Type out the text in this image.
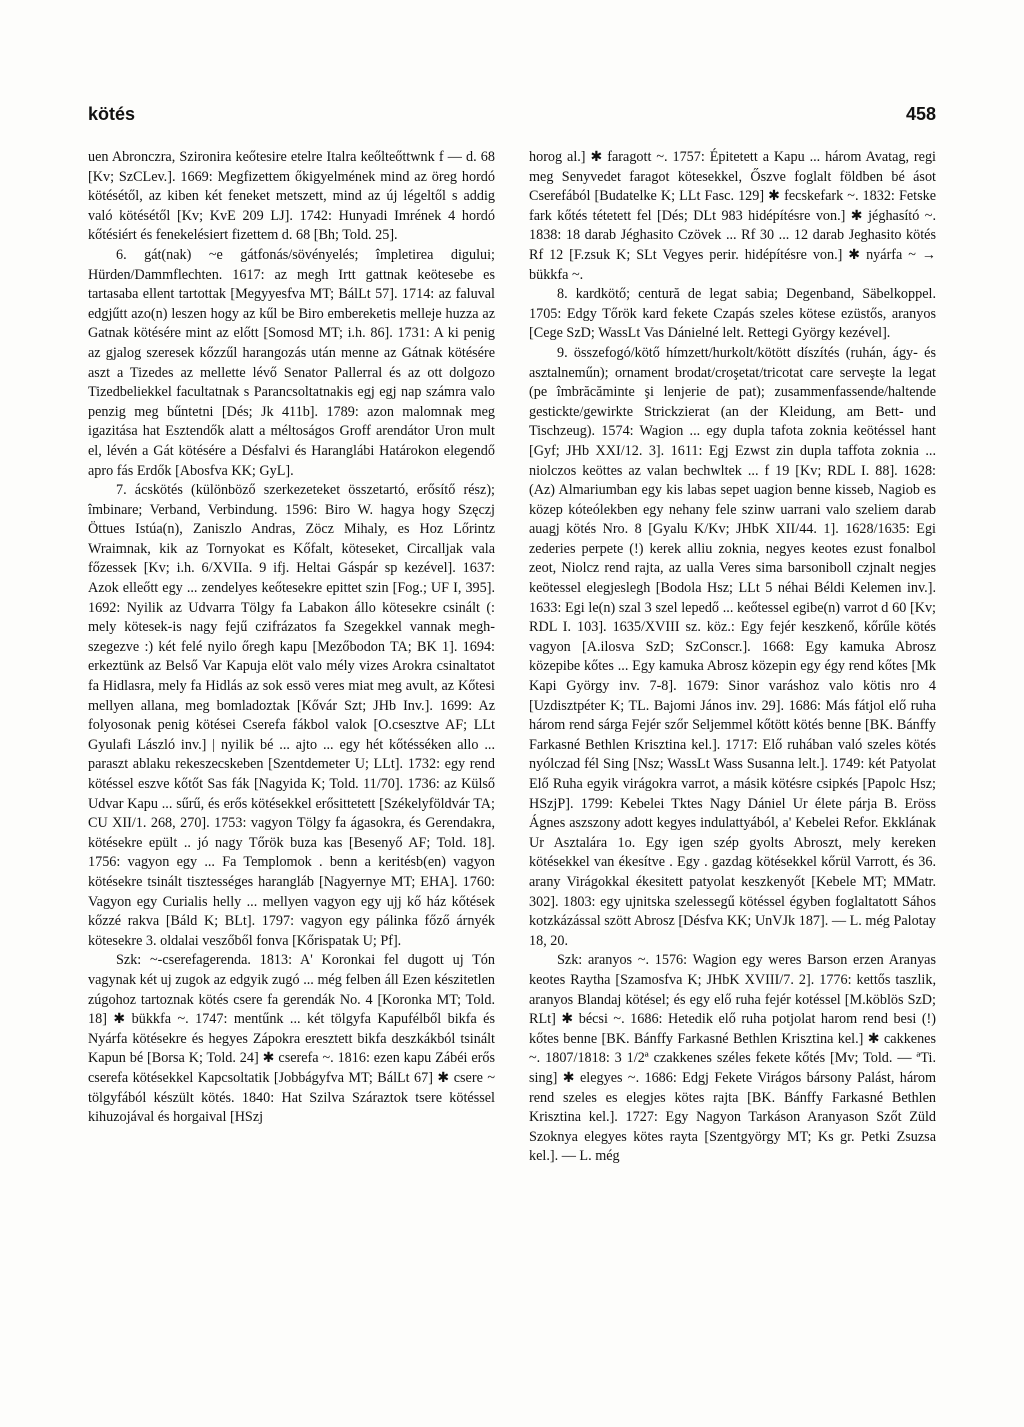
kötés	458

uen Abronczra, Szironira keőtesire etelre Italra keőlteőttwnk f — d. 68 [Kv; SzCLev.]. 1669: Megfizettem őkigyelmének mind az öreg hordó kötésétől, az kiben két feneket metszett, mind az új légeltől s addig való kötésétől [Kv; KvE 209 LJ]. 1742: Hunyadi Imrének 4 hordó kőtésiért és fenekelésiert fizettem d. 68 [Bh; Told. 25].

6. gát(nak) ~e gátfonás/sövényelés; împletirea digului; Hürden/Dammflechten. 1617: az megh Irtt gattnak keötesebe es tartasaba ellent tartottak [Megyyesfva MT; BálLt 57]. 1714: az faluval edgjűtt azo(n) leszen hogy az kűl be Biro embereketis melleje huzza az Gatnak kötésére mint az előtt [Somosd MT; i.h. 86]. 1731: A ki penig az gjalog szeresek kőzzűl harangozás után menne az Gátnak kötésére aszt a Tizedes az mellette lévő Senator Pallerral és az ott dolgozo Tizedbeliekkel facultatnak s Parancsoltatnakis egj egj nap számra valo penzig meg bűntetni [Dés; Jk 411b]. 1789: azon malomnak meg igazitása hat Esztendők alatt a méltoságos Groff arendátor Uron mult el, lévén a Gát kötésére a Désfalvi és Haranglábi Határokon elegendő apro fás Erdők [Abosfva KK; GyL].

7. ácskötés (különböző szerkezeteket összetartó, erősítő rész); îmbinare; Verband, Verbindung. 1596: Biro W. hagya hogy Szęczj Öttues Istúa(n), Zaniszlo Andras, Zöcz Mihaly, es Hoz Lőrintz Wraimnak, kik az Tornyokat es Kőfalt, köteseket, Circalljak vala főzessek [Kv; i.h. 6/XVIIa. 9 ifj. Heltai Gáspár sp kezével]. 1637: Azok elleőtt egy ... zendelyes keőtesekre epittet szin [Fog.; UF I, 395]. 1692: Nyilik az Udvarra Tölgy fa Labakon állo kötesekre csinált (: mely kötesek-is nagy fejű czifrázatos fa Szegekkel vannak megh-szegezve :) két felé nyilo őregh kapu [Mezőbodon TA; BK 1]. 1694: erkeztünk az Belső Var Kapuja elöt valo mély vizes Arokra csinaltatot fa Hidlasra, mely fa Hidlás az sok essö veres miat meg avult, az Kőtesi mellyen allana, meg bomladoztak [Kővár Szt; JHb Inv.]. 1699: Az folyosonak penig kötései Cserefa fákbol valok [O.csesztve AF; LLt Gyulafi László inv.] | nyilik bé ... ajto ... egy hét kőtésséken allo ... paraszt ablaku rekeszecskeben [Szentdemeter U; LLt]. 1732: egy rend kötéssel eszve kőtőt Sas fák [Nagyida K; Told. 11/70]. 1736: az Külső Udvar Kapu ... sűrű, és erős kötésekkel erősittetett [Székelyföldvár TA; CU XII/1. 268, 270]. 1753: vagyon Tölgy fa ágasokra, és Gerendakra, kötésekre epült .. jó nagy Tőrök buza kas [Besenyő AF; Told. 18]. 1756: vagyon egy ... Fa Templomok . benn a keritésb(en) vagyon kötésekre tsinált tisztességes harangláb [Nagyernye MT; EHA]. 1760: Vagyon egy Curialis helly ... mellyen vagyon egy ujj kő ház kőtések kőzzé rakva [Báld K; BLt]. 1797: vagyon egy pálinka főző árnyék kötesekre 3. oldalai veszőből fonva [Kőrispatak U; Pf].

Szk: ~-cserefagerenda. 1813: A' Koronkai fel dugott uj Tón vagynak két uj zugok az edgyik zugó ... még felben áll Ezen készitetlen zúgohoz tartoznak kötés csere fa gerendák No. 4 [Koronka MT; Told. 18] ✱ bükkfa ~. 1747: mentűnk ... két tölgyfa Kapufélből bikfa és Nyárfa kötésekre és hegyes Zápokra eresztett bikfa deszkákból tsinált Kapun bé [Borsa K; Told. 24] ✱ cserefa ~. 1816: ezen kapu Zábéi erős cserefa kötésekkel Kapcsoltatik [Jobbágyfva MT; BálLt 67] ✱ csere ~ tölgyfából készült kötés. 1840: Hat Szilva Száraztok tsere kötéssel kihuzojával és horgaival [HSzj

horog al.] ✱ faragott ~. 1757: Épitetett a Kapu ... három Avatag, regi meg Senyvedet faragot kötesekkel, Őszve foglalt földben bé ásot Cserefából [Budatelke K; LLt Fasc. 129] ✱ fecskefark ~. 1832: Fetske fark kőtés tétetett fel [Dés; DLt 983 hidépítésre von.] ✱ jéghasító ~. 1838: 18 darab Jéghasito Czövek ... Rf 30 ... 12 darab Jeghasito kötés Rf 12 [F.zsuk K; SLt Vegyes perir. hidépítésre von.] ✱ nyárfa ~ → bükkfa ~.

8. kardkötő; centură de legat sabia; Degenband, Säbelkoppel. 1705: Edgy Tőrök kard fekete Czapás szeles kötese ezüstős, aranyos [Cege SzD; WassLt Vas Dánielné lelt. Rettegi György kezével].

9. összefogó/kötő hímzett/hurkolt/kötött díszítés (ruhán, ágy- és asztalneműn); ornament brodat/croşetat/tricotat care serveşte la legat (pe îmbrăcăminte şi lenjerie de pat); zusammenfassende/haltende gestickte/gewirkte Strickzierat (an der Kleidung, am Bett- und Tischzeug). 1574: Wagion ... egy dupla tafota zoknia keötéssel hant [Gyf; JHb XXI/12. 3]. 1611: Egj Ezwst zin dupla taffota zoknia ... niolczos keöttes az valan bechwltek ... f 19 [Kv; RDL I. 88]. 1628: (Az) Almariumban egy kis labas sepet uagion benne kisseb, Nagiob es közep kóteólekben egy nehany fele szinw uarrani valo szeliem darab auagj kötés Nro. 8 [Gyalu K/Kv; JHbK XII/44. 1]. 1628/1635: Egi zederies perpete (!) kerek alliu zoknia, negyes keotes ezust fonalbol zeot, Niolcz rend rajta, az ualla Veres sima barsoniboll czjnalt negjes keötessel elegjeslegh [Bodola Hsz; LLt 5 néhai Béldi Kelemen inv.]. 1633: Egi le(n) szal 3 szel lepedő ... keőtessel egibe(n) varrot d 60 [Kv; RDL I. 103]. 1635/XVIII sz. köz.: Egy fejér keszkenő, kőrűle kötés vagyon [A.ilosva SzD; SzConscr.]. 1668: Egy kamuka Abrosz közepibe kőtes ... Egy kamuka Abrosz közepin egy égy rend kőtes [Mk Kapi György inv. 7-8]. 1679: Sinor varáshoz valo kötis nro 4 [Uzdisztpéter K; TL. Bajomi János inv. 29]. 1686: Más fátjol elő ruha három rend sárga Fejér szőr Seljemmel kőtött kötés benne [BK. Bánffy Farkasné Bethlen Krisztina kel.]. 1717: Elő ruhában való szeles kötés nyólczad fél Sing [Nsz; WassLt Wass Susanna lelt.]. 1749: két Patyolat Elő Ruha egyik virágokra varrot, a másik kötésre csipkés [Papolc Hsz; HSzjP]. 1799: Kebelei Tktes Nagy Dániel Ur élete párja B. Eröss Ágnes aszszony adott kegyes indulattyából, a' Kebelei Refor. Ekklának Ur Asztalára 1o. Egy igen szép gyolts Abroszt, mely kereken kötésekkel van ékesítve . Egy . gazdag kötésekkel kőrül Varrott, és 36. arany Virágokkal ékesitett patyolat keszkenyőt [Kebele MT; MMatr. 302]. 1803: egy ujnitska szelessegű kötéssel égyben foglaltatott Sáhos kotzkázással szött Abrosz [Désfva KK; UnVJk 187]. — L. még Palotay 18, 20.

Szk: aranyos ~. 1576: Wagion egy weres Barson erzen Aranyas keotes Raytha [Szamosfva K; JHbK XVIII/7. 2]. 1776: kettős taszlik, aranyos Blandaj kötésel; és egy elő ruha fejér kotéssel [M.köblös SzD; RLt] ✱ bécsi ~. 1686: Hetedik elő ruha potjolat harom rend besi (!) kőtes benne [BK. Bánffy Farkasné Bethlen Krisztina kel.] ✱ cakkenes ~. 1807/1818: 3 1/2ª czakkenes széles fekete kőtés [Mv; Told. — ªTi. sing] ✱ elegyes ~. 1686: Edgj Fekete Virágos bársony Palást, három rend szeles es elegjes kötes rajta [BK. Bánffy Farkasné Bethlen Krisztina kel.]. 1727: Egy Nagyon Tarkáson Aranyason Szőt Züld Szoknya elegyes kötes rayta [Szentgyörgy MT; Ks gr. Petki Zsuzsa kel.]. — L. még
